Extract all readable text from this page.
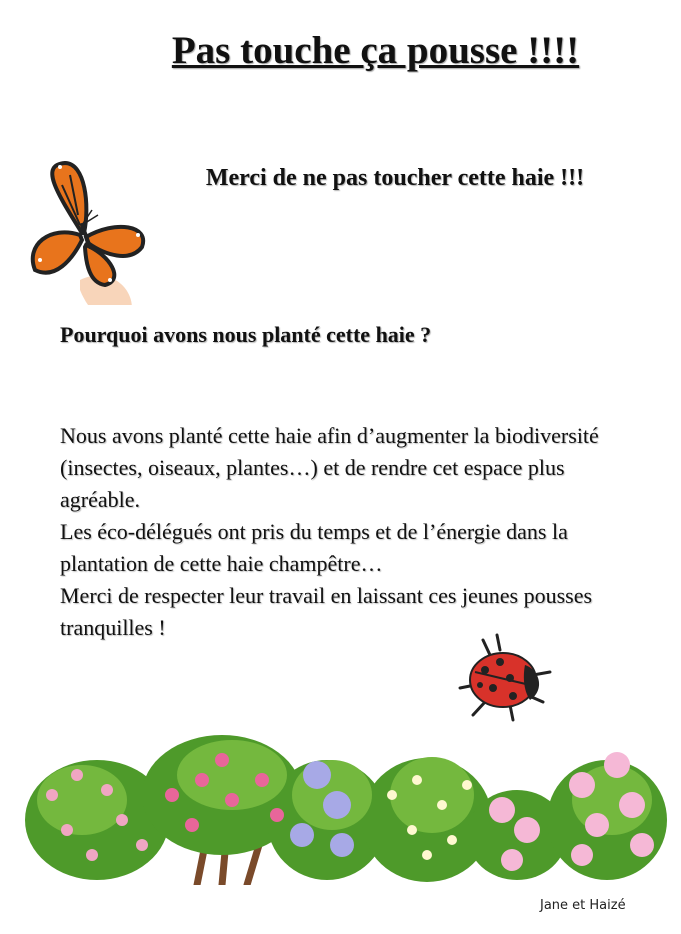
Pas touche ça pousse !!!!
Merci de ne pas toucher cette haie !!!
Pourquoi avons nous planté cette haie ?

Nous avons planté cette haie afin d’augmenter la biodiversité (insectes, oiseaux, plantes…) et de rendre cet espace plus agréable.

Les éco-délégués ont pris du temps et de l’énergie dans la plantation de cette haie champêtre…

Merci de respecter leur travail en laissant ces jeunes pousses tranquilles !

Jane et Haizé
